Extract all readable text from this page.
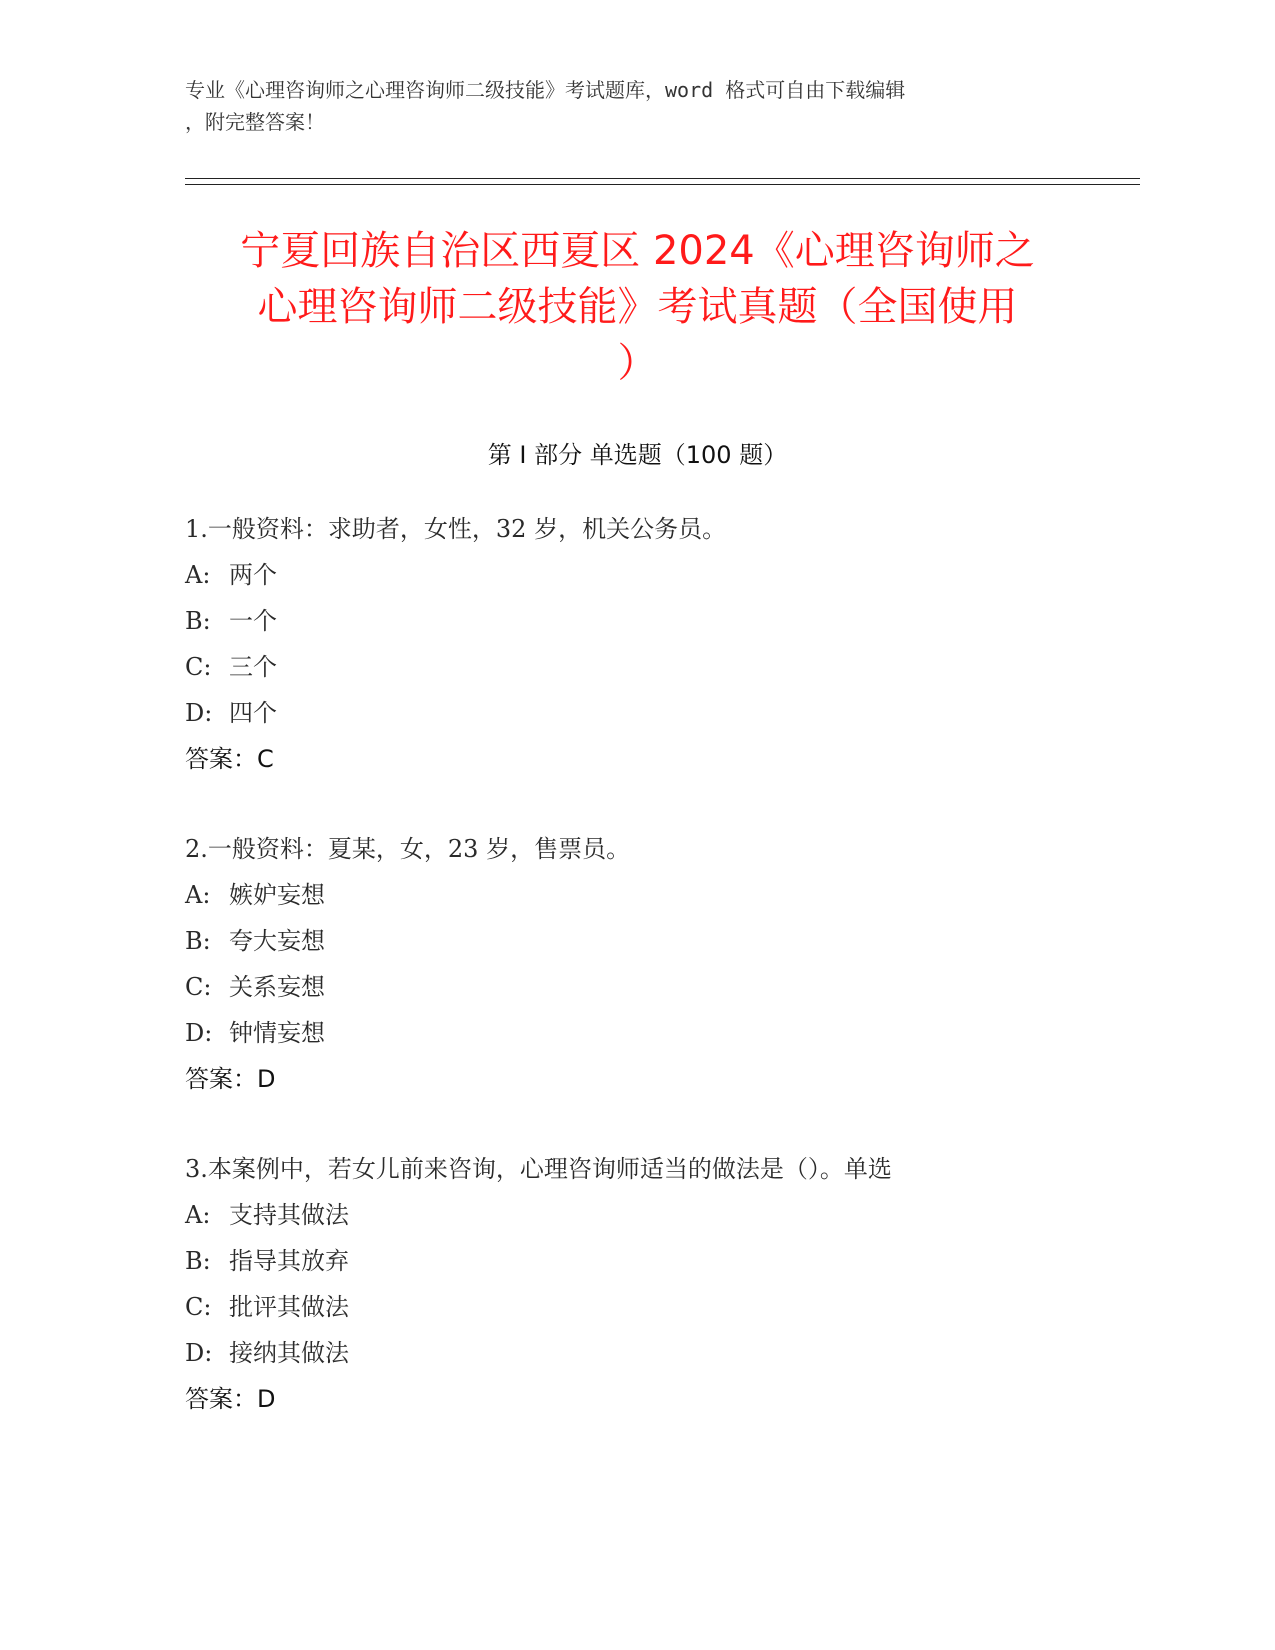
专业《心理咨询师之心理咨询师二级技能》考试题库，word 格式可自由下载编辑
，附完整答案！
宁夏回族自治区西夏区 2024《心理咨询师之
心理咨询师二级技能》考试真题（全国使用
）
第 I 部分 单选题（100 题）
1.一般资料：求助者，女性，32 岁，机关公务员。
A: 两个
B: 一个
C: 三个
D: 四个
答案：C
2.一般资料：夏某，女，23 岁，售票员。
A: 嫉妒妄想
B: 夸大妄想
C: 关系妄想
D: 钟情妄想
答案：D
3.本案例中，若女儿前来咨询，心理咨询师适当的做法是（）。单选
A: 支持其做法
B: 指导其放弃
C: 批评其做法
D: 接纳其做法
答案：D
